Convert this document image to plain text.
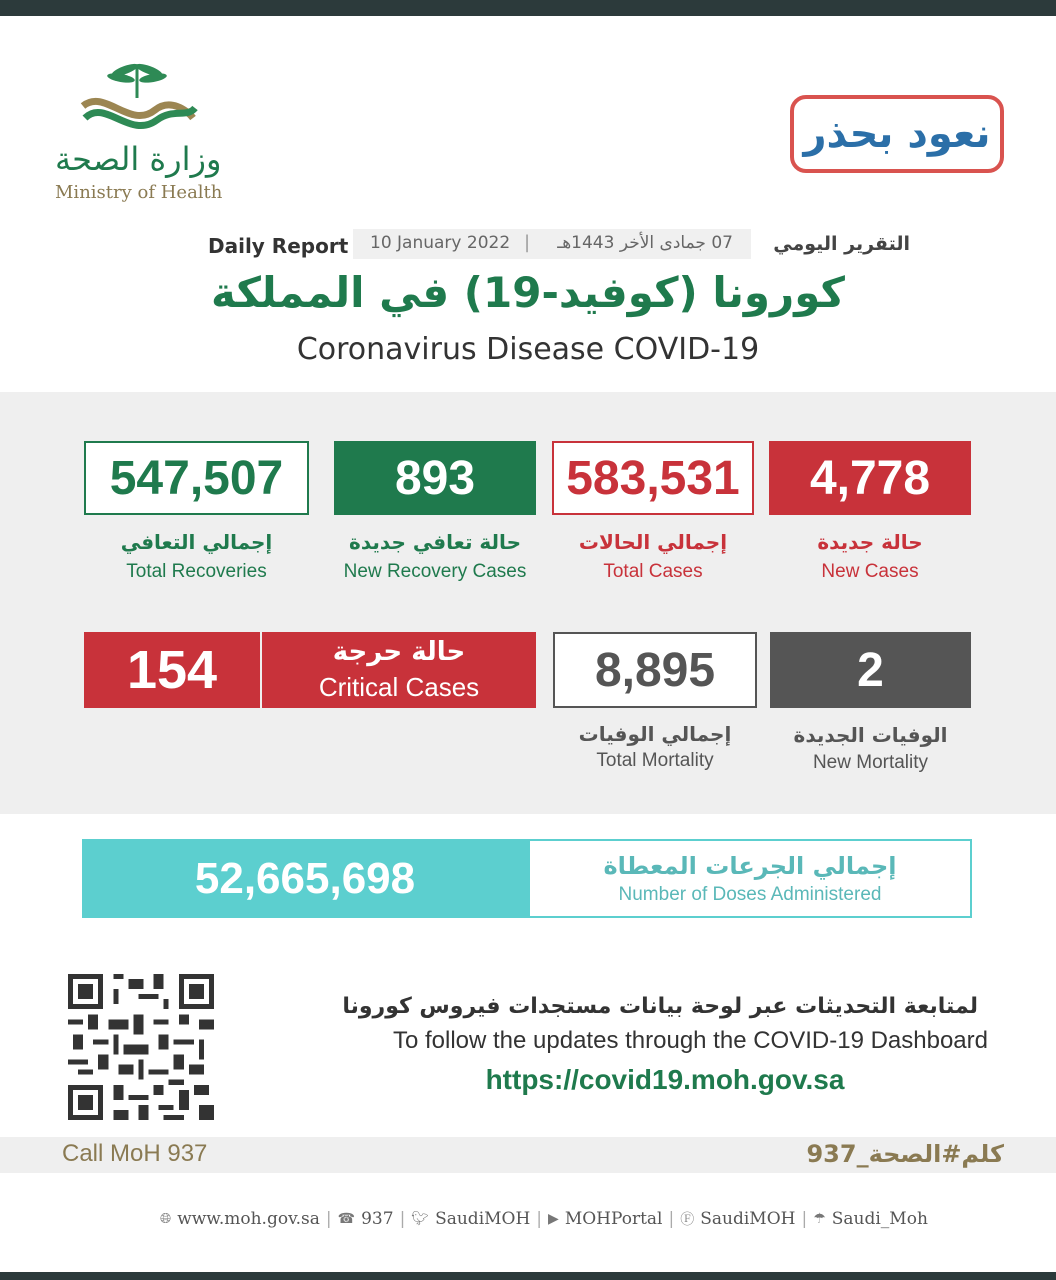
وزارة الصحة
Ministry of Health
نعود بحذر
Daily Report 10 January 2022 |	07 جمادى الأخر 1443هـ	التقرير اليومي
كورونا (كوفيد-19) في المملكة
Coronavirus Disease COVID-19
547,507
إجمالي التعافي
Total Recoveries
893
حالة تعافي جديدة
New Recovery Cases
583,531
إجمالي الحالات
Total Cases
4,778
حالة جديدة
New Cases
154	حالة حرجة
Critical Cases	8,895
إجمالي الوفيات
Total Mortality
2
الوفيات الجديدة
New Mortality
52,665,698	إجمالي الجرعات المعطاة
Number of Doses Administered
لمتابعة التحديثات عبر لوحة بيانات مستجدات فيروس كورونا
To follow the updates through the COVID-19 Dashboard
https://covid19.moh.gov.sa
Call MoH 937	كلم#الصحة_937
🌐︎ www.moh.gov.sa | ☎ 937 | 🐦︎ SaudiMOH | ▶ MOHPortal | Ⓕ SaudiMOH | ☂ Saudi_Moh
